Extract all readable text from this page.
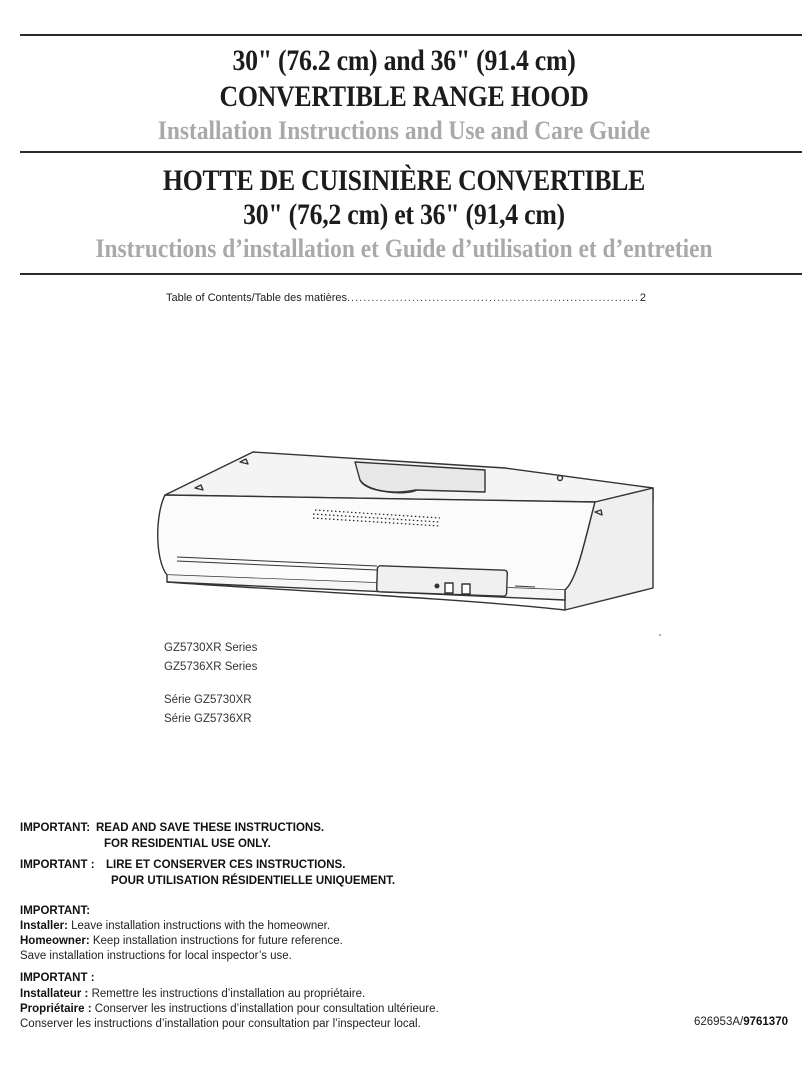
30" (76.2 cm) and 36" (91.4 cm)
CONVERTIBLE RANGE HOOD
Installation Instructions and Use and Care Guide
HOTTE DE CUISINIÈRE CONVERTIBLE
30" (76,2 cm) et 36" (91,4 cm)
Instructions d’installation et Guide d’utilisation et d’entretien
Table of Contents/Table des matières
.....	2
GZ5730XR Series
GZ5736XR Series
Série GZ5730XR
Série GZ5736XR
IMPORTANT: READ AND SAVE THESE INSTRUCTIONS.
FOR RESIDENTIAL USE ONLY.
IMPORTANT : LIRE ET CONSERVER CES INSTRUCTIONS.
POUR UTILISATION RÉSIDENTIELLE UNIQUEMENT.
IMPORTANT:
Installer: Leave installation instructions with the homeowner.
Homeowner: Keep installation instructions for future reference.
Save installation instructions for local inspector’s use.
IMPORTANT :
Installateur : Remettre les instructions d’installation au propriétaire.
Propriétaire : Conserver les instructions d’installation pour consultation ultérieure.
Conserver les instructions d’installation pour consultation par l’inspecteur local.	626953A/9761370
